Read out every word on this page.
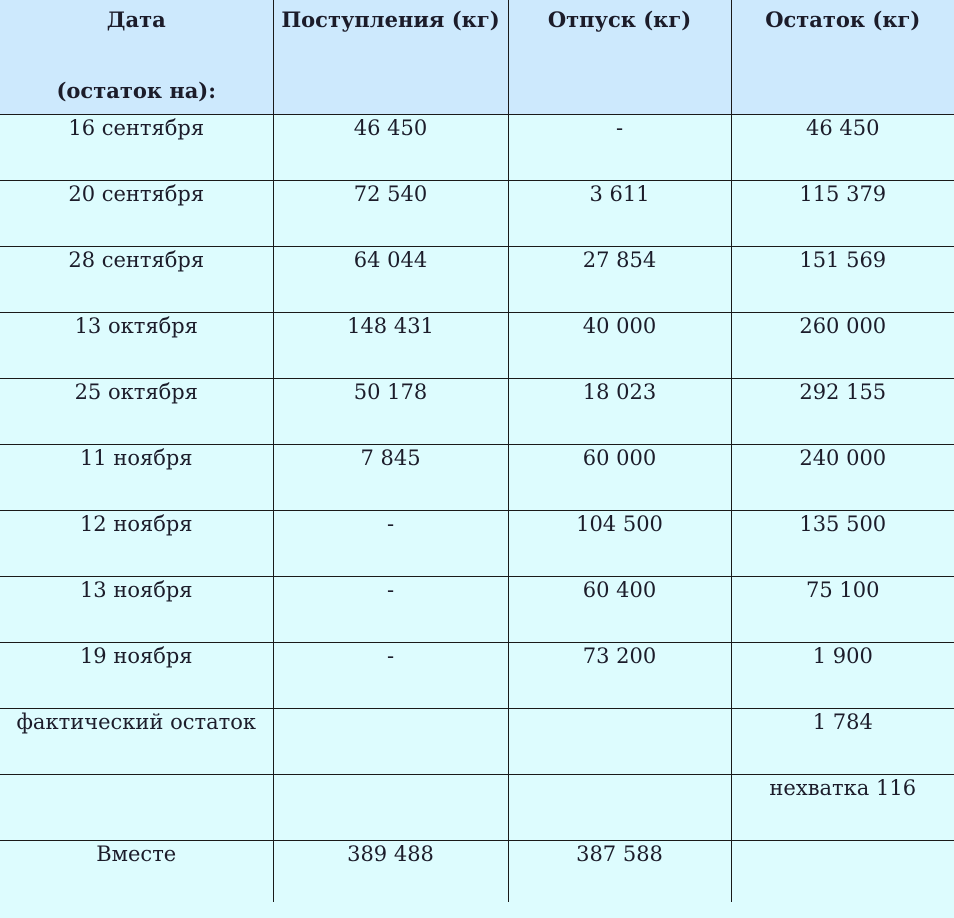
Дата
(остаток на):	Поступления (кг)	Отпуск (кг)	Остаток (кг)

16 сентября	46 450	-	46 450
20 сентября	72 540	3 611	115 379
28 сентября	64 044	27 854	151 569
13 октября	148 431	40 000	260 000
25 октября	50 178	18 023	292 155
11 ноября	7 845	60 000	240 000
12 ноября	-	104 500	135 500
13 ноября	-	60 400	75 100
19 ноября	-	73 200	1 900
фактический остаток			1 784
			нехватка 116
Вместе	389 488	387 588	
